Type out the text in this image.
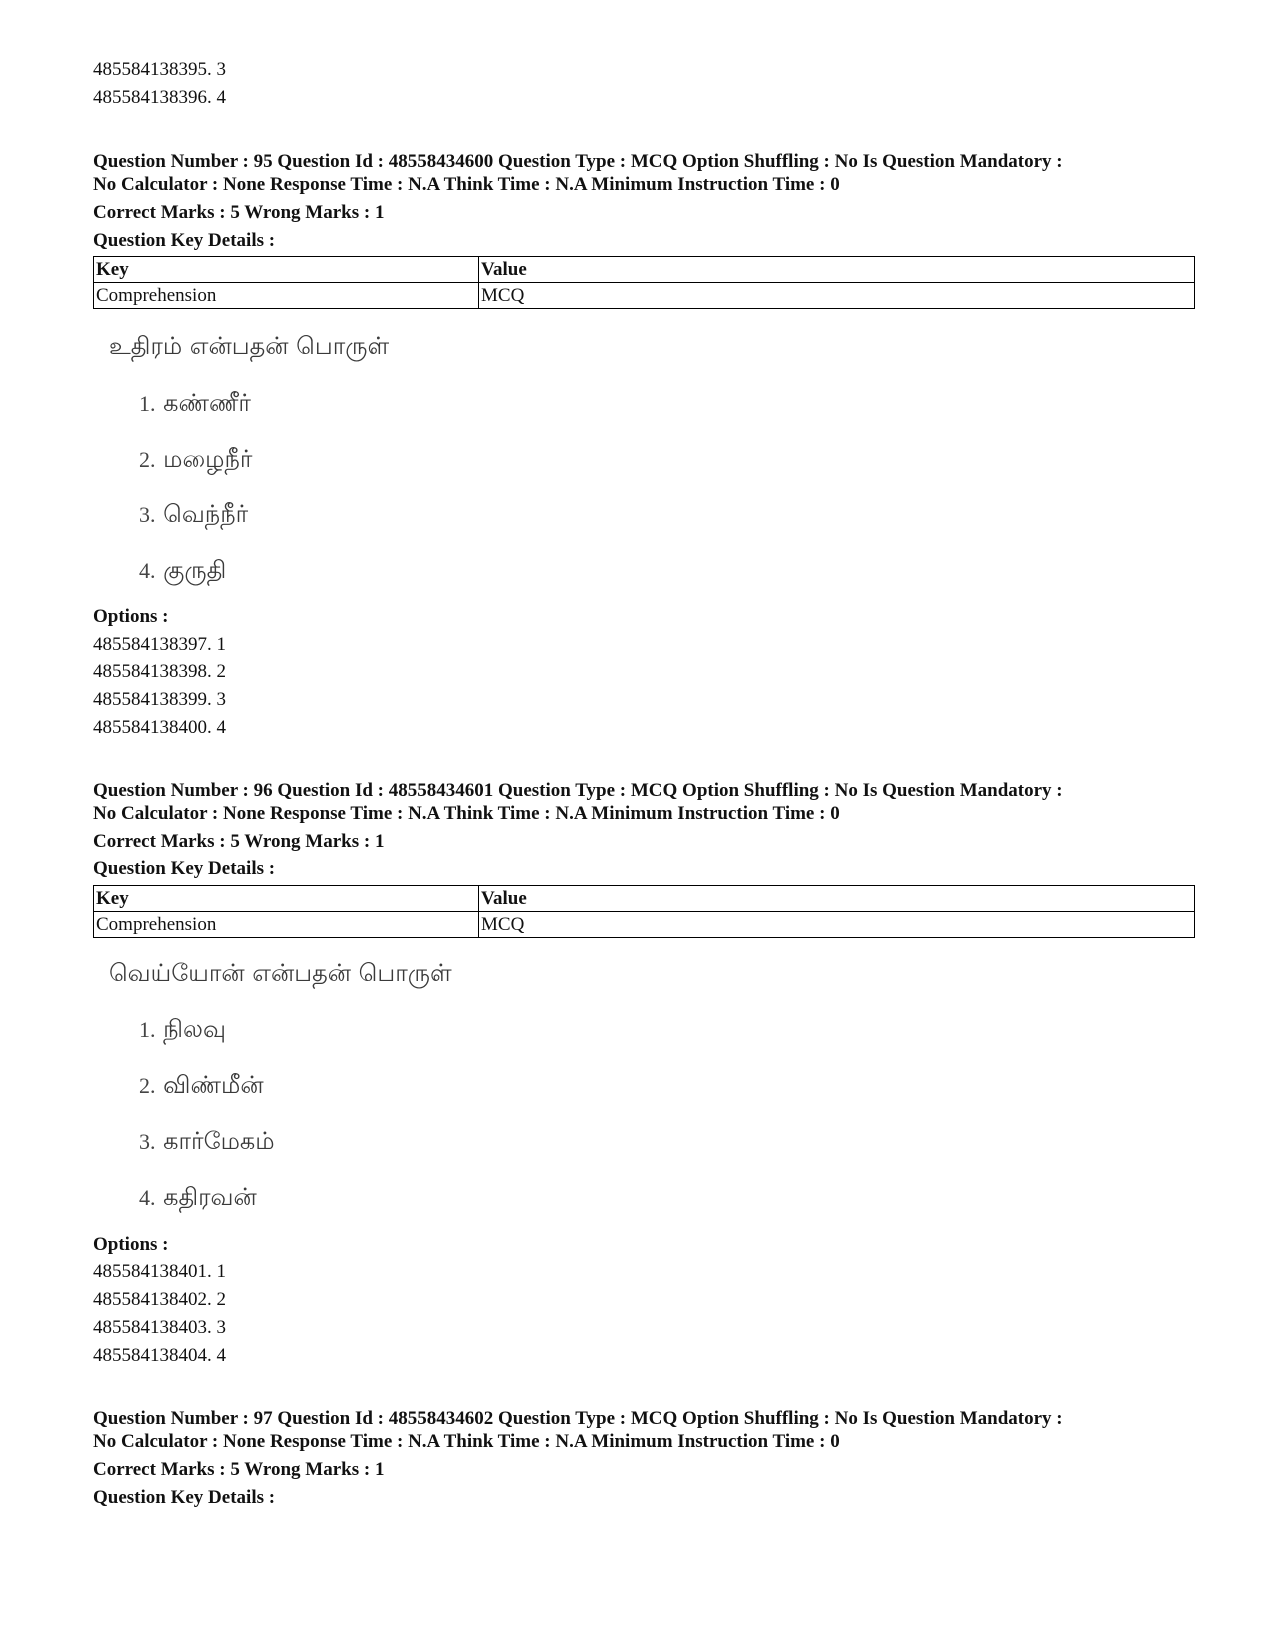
485584138395. 3
485584138396. 4
Question Number : 95 Question Id : 48558434600 Question Type : MCQ Option Shuffling : No Is Question Mandatory :
No Calculator : None Response Time : N.A Think Time : N.A Minimum Instruction Time : 0
Correct Marks : 5 Wrong Marks : 1
Question Key Details :
Key	Value
Comprehension	MCQ
உதிரம் என்பதன் பொருள்
1. கண்ணீர்
2. மழைநீர்
3. வெந்நீர்
4. குருதி
Options :
485584138397. 1
485584138398. 2
485584138399. 3
485584138400. 4
Question Number : 96 Question Id : 48558434601 Question Type : MCQ Option Shuffling : No Is Question Mandatory :
No Calculator : None Response Time : N.A Think Time : N.A Minimum Instruction Time : 0
Correct Marks : 5 Wrong Marks : 1
Question Key Details :
Key	Value
Comprehension	MCQ
வெய்யோன் என்பதன் பொருள்
1. நிலவு
2. விண்மீன்
3. கார்மேகம்
4. கதிரவன்
Options :
485584138401. 1
485584138402. 2
485584138403. 3
485584138404. 4
Question Number : 97 Question Id : 48558434602 Question Type : MCQ Option Shuffling : No Is Question Mandatory :
No Calculator : None Response Time : N.A Think Time : N.A Minimum Instruction Time : 0
Correct Marks : 5 Wrong Marks : 1
Question Key Details :
